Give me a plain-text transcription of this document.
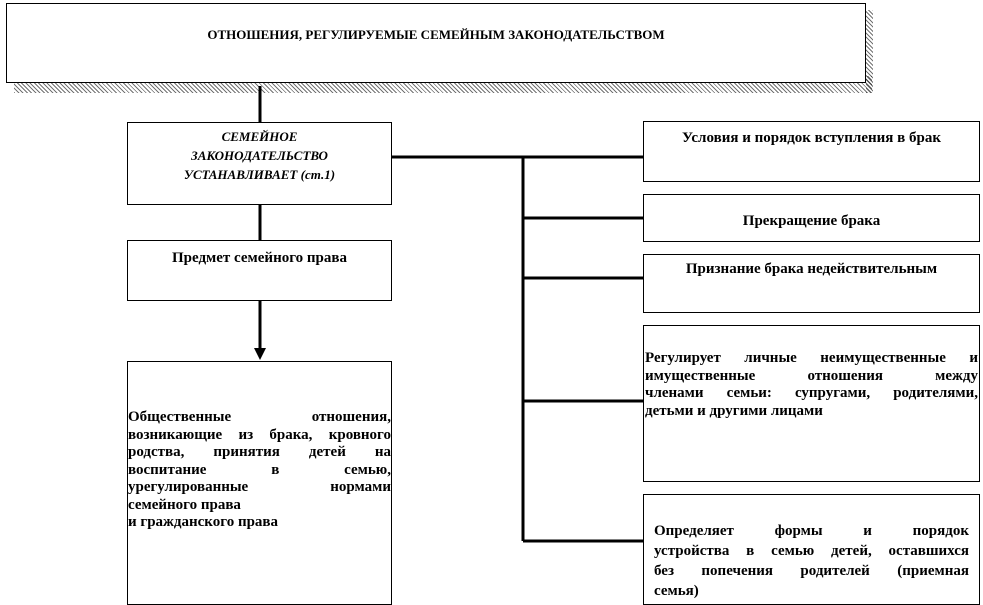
ОТНОШЕНИЯ, РЕГУЛИРУЕМЫЕ СЕМЕЙНЫМ ЗАКОНОДАТЕЛЬСТВОМ
СЕМЕЙНОЕ
ЗАКОНОДАТЕЛЬСТВО
УСТАНАВЛИВАЕТ (ст.1)
Предмет семейного права
Общественные отношения,
возникающие из брака, кровного
родства, принятия детей на
воспитание в семью,
урегулированные нормами
семейного права
и гражданского права
Условия и порядок вступления в брак
Прекращение брака
Признание брака недействительным
Регулирует личные неимущественные и
имущественные отношения между
членами семьи: супругами, родителями,
детьми и другими лицами
Определяет формы и порядок
устройства в семью детей, оставшихся
без попечения родителей (приемная
семья)
